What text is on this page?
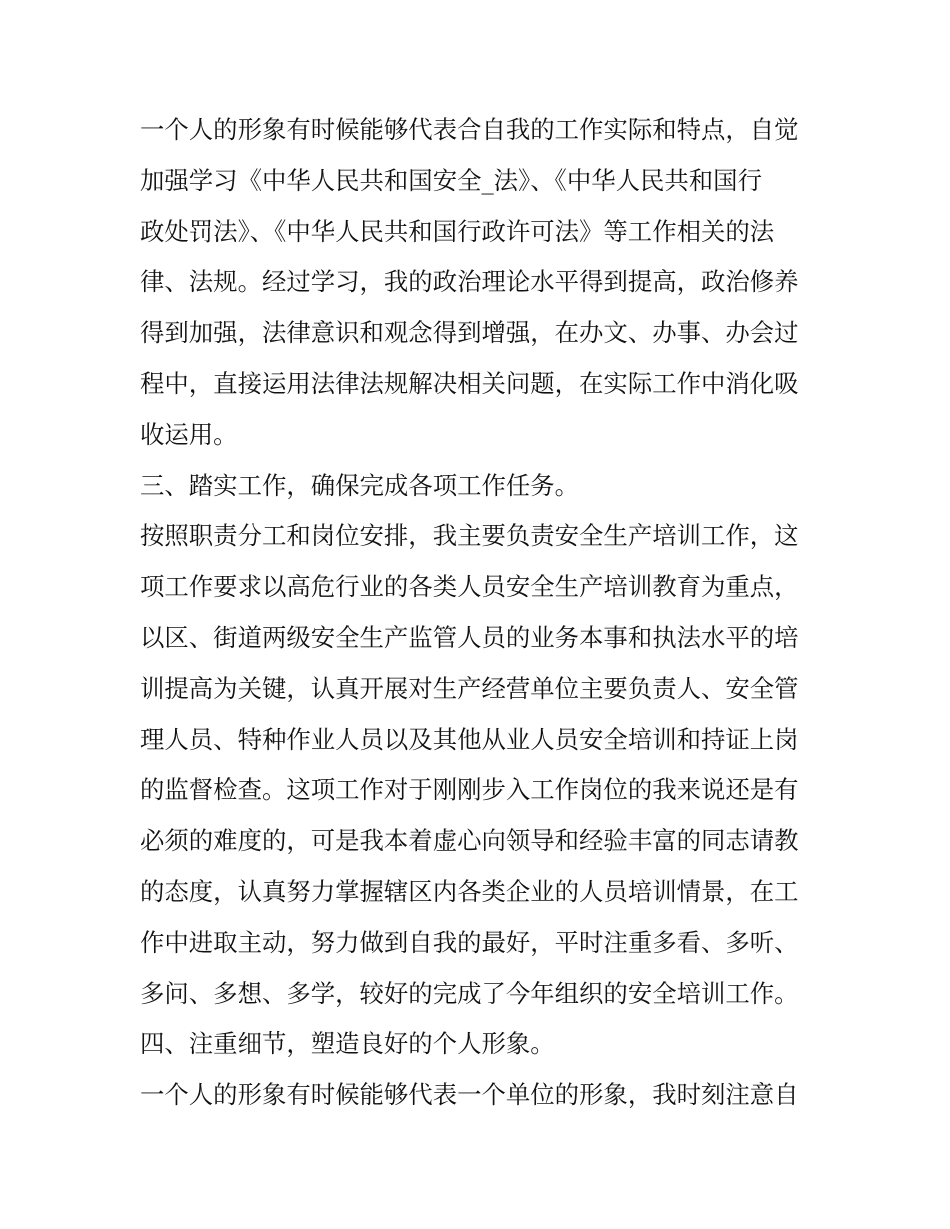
一个人的形象有时候能够代表合自我的工作实际和特点，自觉
加强学习《中华人民共和国安全_法》、《中华人民共和国行
政处罚法》、《中华人民共和国行政许可法》等工作相关的法
律、法规。经过学习，我的政治理论水平得到提高，政治修养
得到加强，法律意识和观念得到增强，在办文、办事、办会过
程中，直接运用法律法规解决相关问题，在实际工作中消化吸
收运用。
三、踏实工作，确保完成各项工作任务。
按照职责分工和岗位安排，我主要负责安全生产培训工作，这
项工作要求以高危行业的各类人员安全生产培训教育为重点，
以区、街道两级安全生产监管人员的业务本事和执法水平的培
训提高为关键，认真开展对生产经营单位主要负责人、安全管
理人员、特种作业人员以及其他从业人员安全培训和持证上岗
的监督检查。这项工作对于刚刚步入工作岗位的我来说还是有
必须的难度的，可是我本着虚心向领导和经验丰富的同志请教
的态度，认真努力掌握辖区内各类企业的人员培训情景，在工
作中进取主动，努力做到自我的最好，平时注重多看、多听、
多问、多想、多学，较好的完成了今年组织的安全培训工作。
四、注重细节，塑造良好的个人形象。
一个人的形象有时候能够代表一个单位的形象，我时刻注意自
